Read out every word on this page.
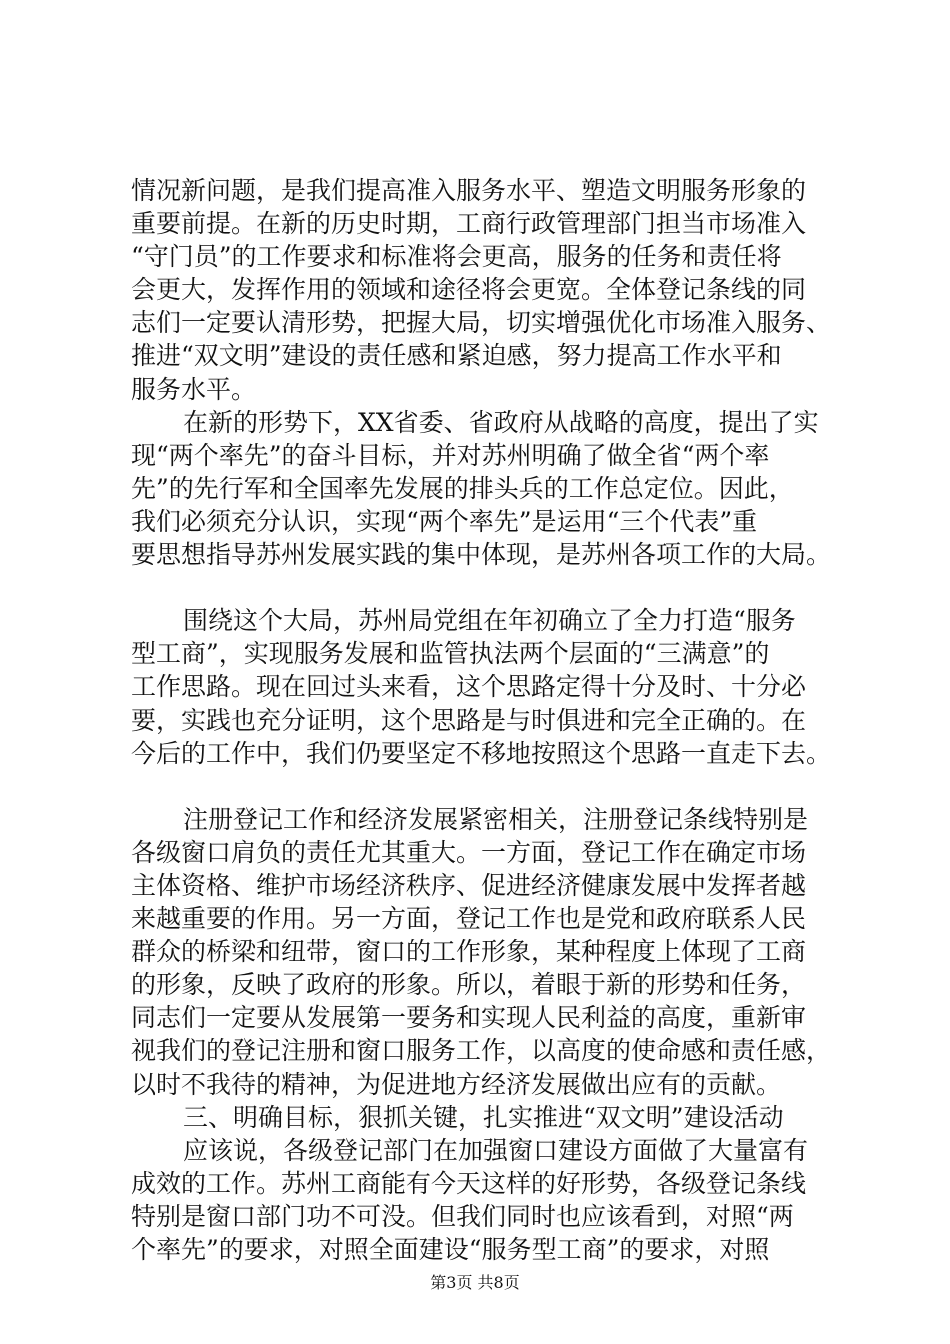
情况新问题，是我们提高准入服务水平、塑造文明服务形象的
重要前提。在新的历史时期，工商行政管理部门担当市场准入
“守门员”的工作要求和标准将会更高，服务的任务和责任将
会更大，发挥作用的领域和途径将会更宽。全体登记条线的同
志们一定要认清形势，把握大局，切实增强优化市场准入服务、
推进“双文明”建设的责任感和紧迫感，努力提高工作水平和
服务水平。
在新的形势下，XX省委、省政府从战略的高度，提出了实
现“两个率先”的奋斗目标，并对苏州明确了做全省“两个率
先”的先行军和全国率先发展的排头兵的工作总定位。因此，
我们必须充分认识，实现“两个率先”是运用“三个代表”重
要思想指导苏州发展实践的集中体现，是苏州各项工作的大局。
围绕这个大局，苏州局党组在年初确立了全力打造“服务
型工商”，实现服务发展和监管执法两个层面的“三满意”的
工作思路。现在回过头来看，这个思路定得十分及时、十分必
要，实践也充分证明，这个思路是与时俱进和完全正确的。在
今后的工作中，我们仍要坚定不移地按照这个思路一直走下去。
注册登记工作和经济发展紧密相关，注册登记条线特别是
各级窗口肩负的责任尤其重大。一方面，登记工作在确定市场
主体资格、维护市场经济秩序、促进经济健康发展中发挥者越
来越重要的作用。另一方面，登记工作也是党和政府联系人民
群众的桥梁和纽带，窗口的工作形象，某种程度上体现了工商
的形象，反映了政府的形象。所以，着眼于新的形势和任务，
同志们一定要从发展第一要务和实现人民利益的高度，重新审
视我们的登记注册和窗口服务工作，以高度的使命感和责任感，
以时不我待的精神，为促进地方经济发展做出应有的贡献。
三、明确目标，狠抓关键，扎实推进“双文明”建设活动
应该说，各级登记部门在加强窗口建设方面做了大量富有
成效的工作。苏州工商能有今天这样的好形势，各级登记条线
特别是窗口部门功不可没。但我们同时也应该看到，对照“两
个率先”的要求，对照全面建设“服务型工商”的要求，对照
第3页 共8页
